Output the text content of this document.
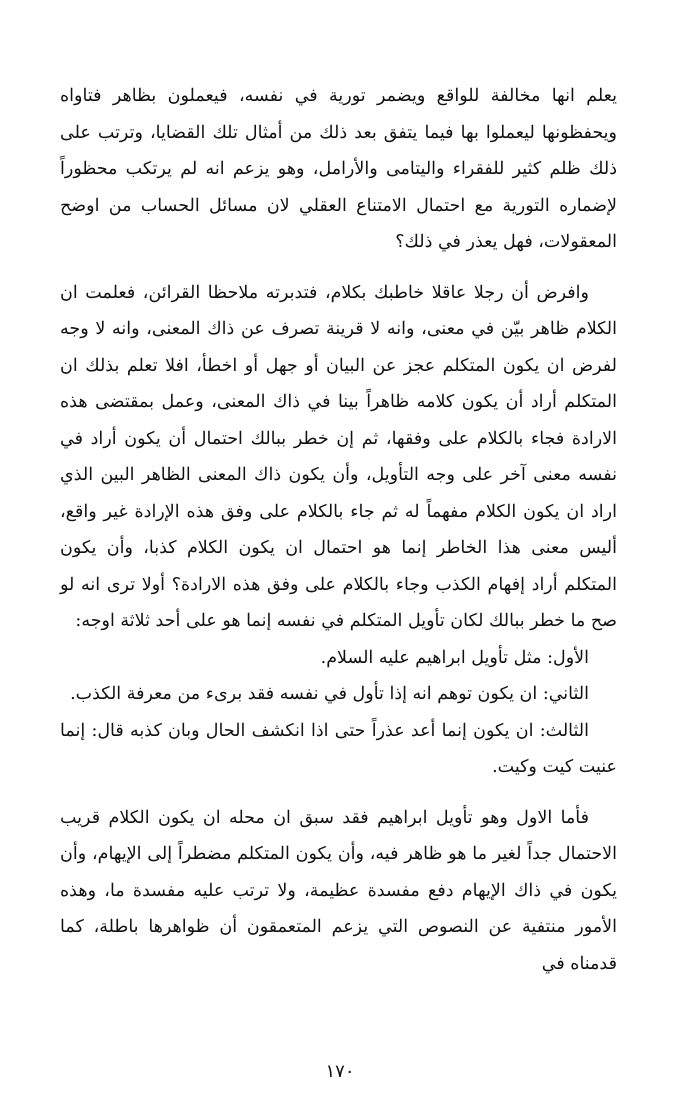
يعلم انها مخالفة للواقع ويضمر تورية في نفسه، فيعملون بظاهر فتاواه ويحفظونها ليعملوا بها فيما يتفق بعد ذلك من أمثال تلك القضايا، وترتب على ذلك ظلم كثير للفقراء واليتامى والأرامل، وهو يزعم انه لم يرتكب محظوراً لإضماره التورية مع احتمال الامتناع العقلي لان مسائل الحساب من اوضح المعقولات، فهل يعذر في ذلك؟

وافرض أن رجلا عاقلا خاطبك بكلام، فتدبرته ملاحظا القرائن، فعلمت ان الكلام ظاهر بيّن في معنى، وانه لا قرينة تصرف عن ذاك المعنى، وانه لا وجه لفرض ان يكون المتكلم عجز عن البيان أو جهل أو اخطأ، افلا تعلم بذلك ان المتكلم أراد أن يكون كلامه ظاهراً بينا في ذاك المعنى، وعمل بمقتضى هذه الارادة فجاء بالكلام على وفقها، ثم إن خطر ببالك احتمال أن يكون أراد في نفسه معنى آخر على وجه التأويل، وأن يكون ذاك المعنى الظاهر البين الذي اراد ان يكون الكلام مفهماً له ثم جاء بالكلام على وفق هذه الإرادة غير واقع، أليس معنى هذا الخاطر إنما هو احتمال ان يكون الكلام كذبا، وأن يكون المتكلم أراد إفهام الكذب وجاء بالكلام على وفق هذه الارادة؟ أولا ترى انه لو صح ما خطر ببالك لكان تأويل المتكلم في نفسه إنما هو على أحد ثلاثة اوجه:

الأول: مثل تأويل ابراهيم عليه السلام.

الثاني: ان يكون توهم انه إذا تأول في نفسه فقد برىء من معرفة الكذب.

الثالث: ان يكون إنما أعد عذراً حتى اذا انكشف الحال وبان كذبه قال: إنما عنيت كيت وكيت.

فأما الاول وهو تأويل ابراهيم فقد سبق ان محله ان يكون الكلام قريب الاحتمال جداً لغير ما هو ظاهر فيه، وأن يكون المتكلم مضطراً إلى الإيهام، وأن يكون في ذاك الإيهام دفع مفسدة عظيمة، ولا ترتب عليه مفسدة ما، وهذه الأمور منتفية عن النصوص التي يزعم المتعمقون أن ظواهرها باطلة، كما قدمناه في

١٧٠
